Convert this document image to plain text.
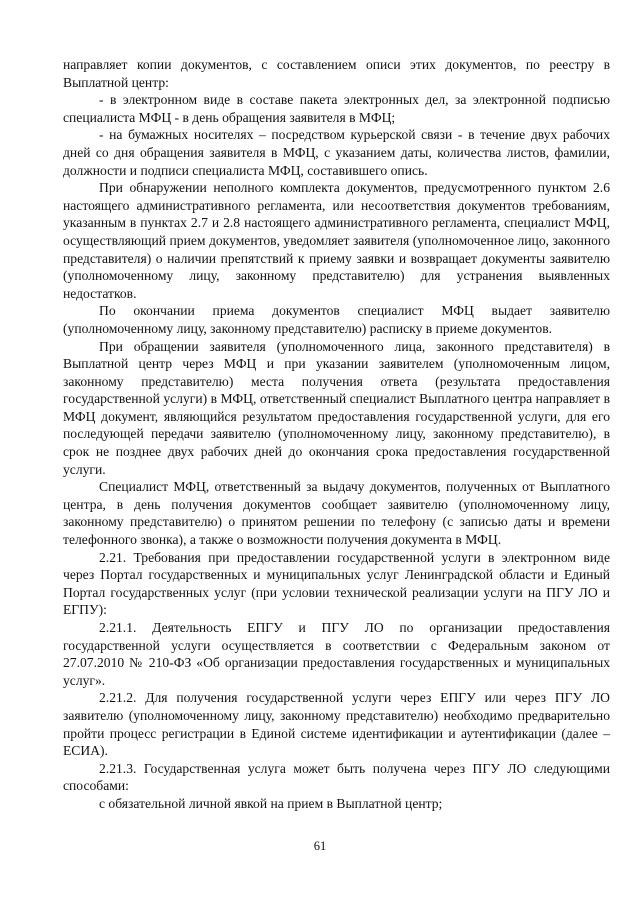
направляет копии документов, с составлением описи этих документов, по реестру в Выплатной центр:

- в электронном виде в составе пакета электронных дел, за электронной подписью специалиста МФЦ - в день обращения заявителя в МФЦ;

- на бумажных носителях – посредством курьерской связи - в течение двух рабочих дней со дня обращения заявителя в МФЦ, с указанием даты, количества листов, фамилии, должности и подписи специалиста МФЦ, составившего опись.

При обнаружении неполного комплекта документов, предусмотренного пунктом 2.6 настоящего административного регламента, или несоответствия документов требованиям, указанным в пунктах 2.7 и 2.8 настоящего административного регламента, специалист МФЦ, осуществляющий прием документов, уведомляет заявителя (уполномоченное лицо, законного представителя) о наличии препятствий к приему заявки и возвращает документы заявителю (уполномоченному лицу, законному представителю) для устранения выявленных недостатков.

По окончании приема документов специалист МФЦ выдает заявителю (уполномоченному лицу, законному представителю) расписку в приеме документов.

При обращении заявителя (уполномоченного лица, законного представителя) в Выплатной центр через МФЦ и при указании заявителем (уполномоченным лицом, законному представителю) места получения ответа (результата предоставления государственной услуги) в МФЦ, ответственный специалист Выплатного центра направляет в МФЦ документ, являющийся результатом предоставления государственной услуги, для его последующей передачи заявителю (уполномоченному лицу, законному представителю), в срок не позднее двух рабочих дней до окончания срока предоставления государственной услуги.

Специалист МФЦ, ответственный за выдачу документов, полученных от Выплатного центра, в день получения документов сообщает заявителю (уполномоченному лицу, законному представителю) о принятом решении по телефону (с записью даты и времени телефонного звонка), а также о возможности получения документа в МФЦ.

2.21. Требования при предоставлении государственной услуги в электронном виде через Портал государственных и муниципальных услуг Ленинградской области и Единый Портал государственных услуг (при условии технической реализации услуги на ПГУ ЛО и ЕГПУ):

2.21.1. Деятельность ЕПГУ и ПГУ ЛО по организации предоставления государственной услуги осуществляется в соответствии с Федеральным законом от 27.07.2010 № 210-ФЗ «Об организации предоставления государственных и муниципальных услуг».

2.21.2. Для получения государственной услуги через ЕПГУ или через ПГУ ЛО заявителю (уполномоченному лицу, законному представителю) необходимо предварительно пройти процесс регистрации в Единой системе идентификации и аутентификации (далее – ЕСИА).

2.21.3. Государственная услуга может быть получена через ПГУ ЛО следующими способами:

с обязательной личной явкой на прием в Выплатной центр;

61
